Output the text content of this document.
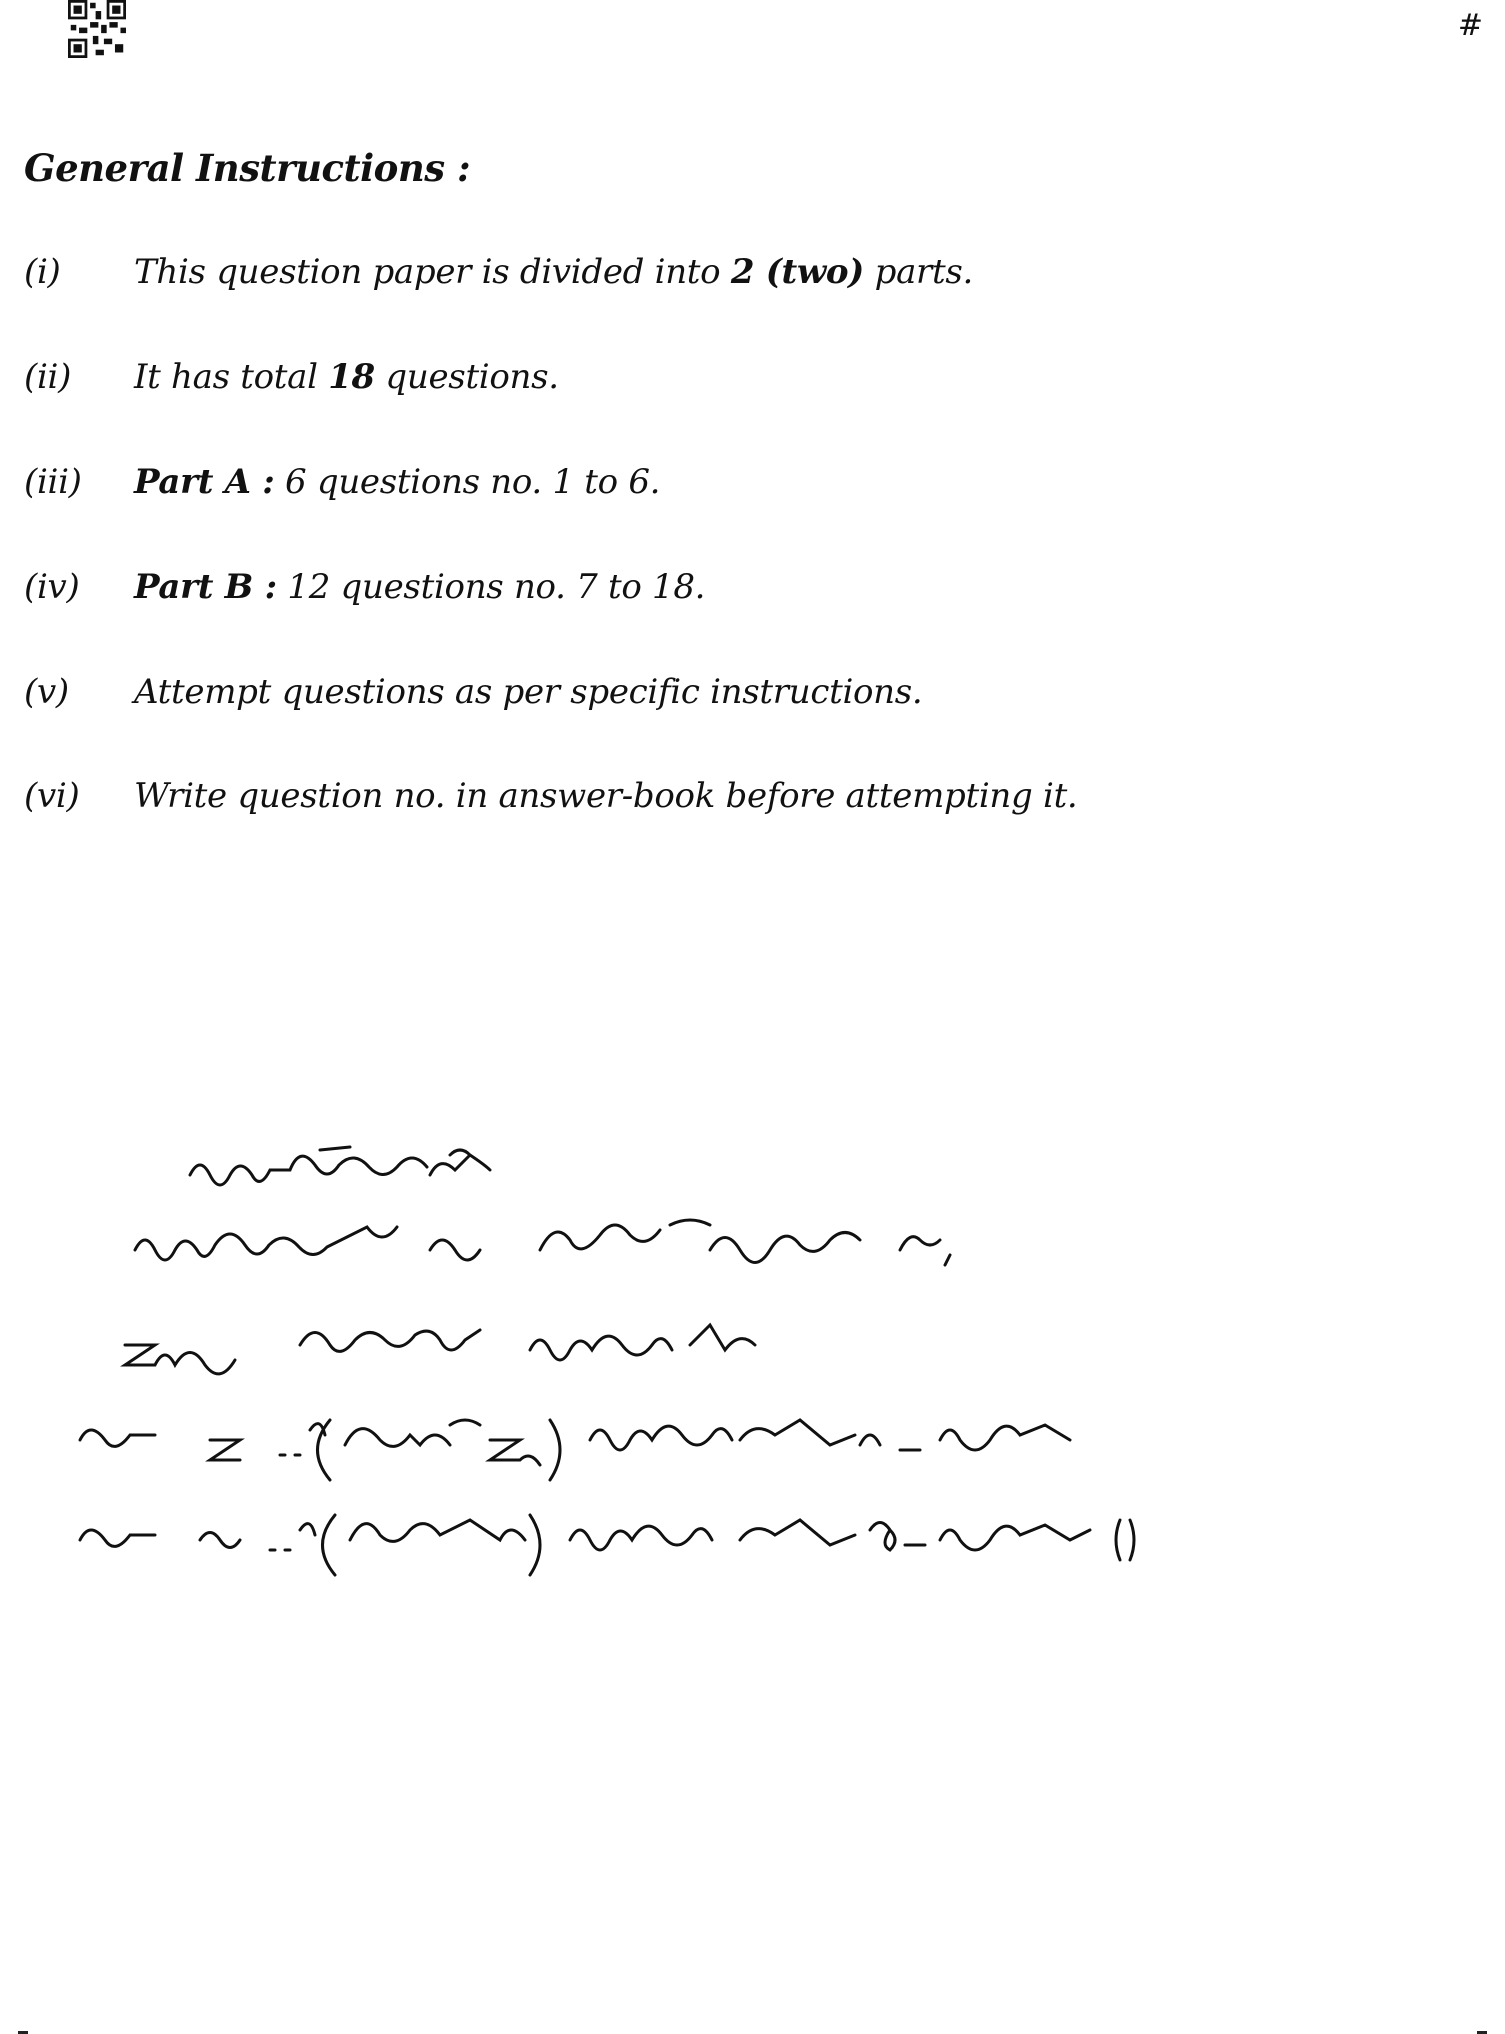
#
General Instructions :
(i) This question paper is divided into 2 (two) parts.
(ii) It has total 18 questions.
(iii) Part A : 6 questions no. 1 to 6.
(iv) Part B : 12 questions no. 7 to 18.
(v) Attempt questions as per specific instructions.
(vi) Write question no. in answer-book before attempting it.
